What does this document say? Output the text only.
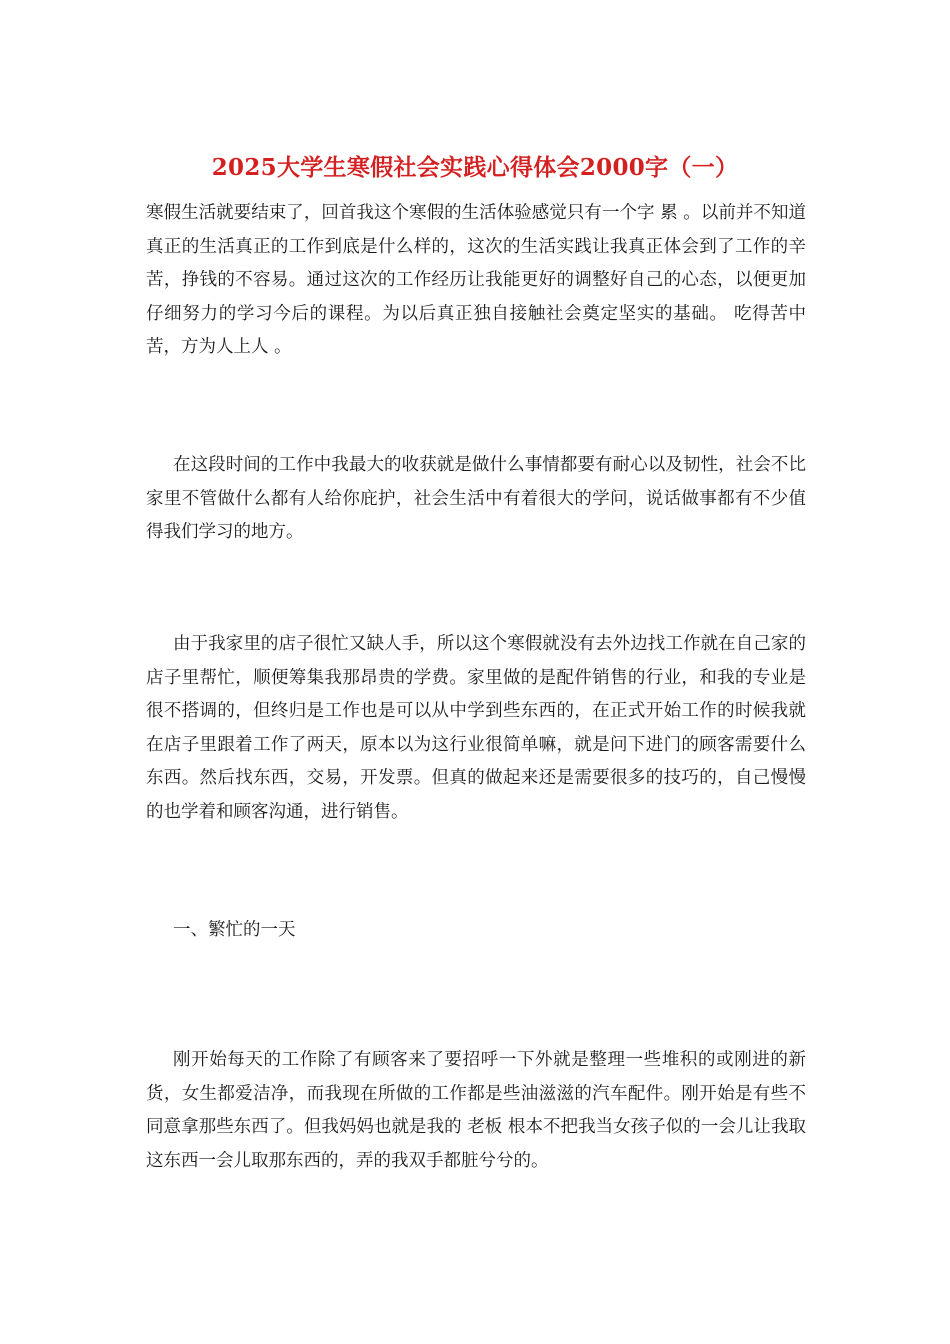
2025大学生寒假社会实践心得体会2000字（一）

寒假生活就要结束了，回首我这个寒假的生活体验感觉只有一个字 累 。以前并不知道真正的生活真正的工作到底是什么样的，这次的生活实践让我真正体会到了工作的辛苦，挣钱的不容易。通过这次的工作经历让我能更好的调整好自己的心态，以便更加仔细努力的学习今后的课程。为以后真正独自接触社会奠定坚实的基础。 吃得苦中苦，方为人上人 。

在这段时间的工作中我最大的收获就是做什么事情都要有耐心以及韧性，社会不比家里不管做什么都有人给你庇护，社会生活中有着很大的学问，说话做事都有不少值得我们学习的地方。

由于我家里的店子很忙又缺人手，所以这个寒假就没有去外边找工作就在自己家的店子里帮忙，顺便筹集我那昂贵的学费。家里做的是配件销售的行业，和我的专业是很不搭调的，但终归是工作也是可以从中学到些东西的，在正式开始工作的时候我就在店子里跟着工作了两天，原本以为这行业很简单嘛，就是问下进门的顾客需要什么东西。然后找东西，交易，开发票。但真的做起来还是需要很多的技巧的，自己慢慢的也学着和顾客沟通，进行销售。

一、繁忙的一天

刚开始每天的工作除了有顾客来了要招呼一下外就是整理一些堆积的或刚进的新货，女生都爱洁净，而我现在所做的工作都是些油滋滋的汽车配件。刚开始是有些不同意拿那些东西了。但我妈妈也就是我的 老板 根本不把我当女孩子似的一会儿让我取这东西一会儿取那东西的，弄的我双手都脏兮兮的。
